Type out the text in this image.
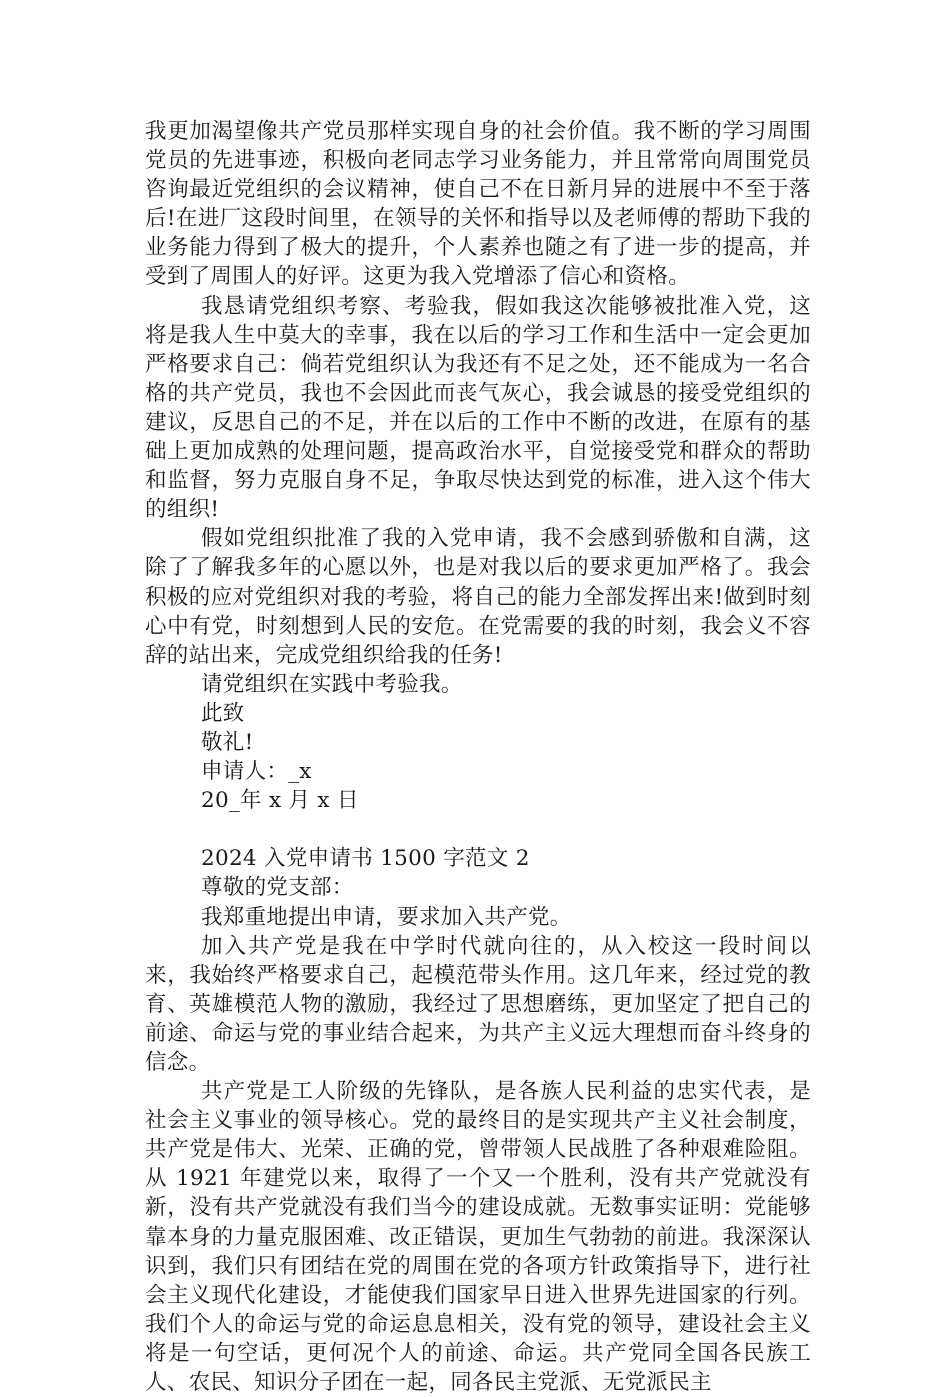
我更加渴望像共产党员那样实现自身的社会价值。我不断的学习周围党员的先进事迹，积极向老同志学习业务能力，并且常常向周围党员咨询最近党组织的会议精神，使自己不在日新月异的进展中不至于落后!在进厂这段时间里，在领导的关怀和指导以及老师傅的帮助下我的业务能力得到了极大的提升，个人素养也随之有了进一步的提高，并受到了周围人的好评。这更为我入党增添了信心和资格。

我恳请党组织考察、考验我，假如我这次能够被批准入党，这将是我人生中莫大的幸事，我在以后的学习工作和生活中一定会更加严格要求自己：倘若党组织认为我还有不足之处，还不能成为一名合格的共产党员，我也不会因此而丧气灰心，我会诚恳的接受党组织的建议，反思自己的不足，并在以后的工作中不断的改进，在原有的基础上更加成熟的处理问题，提高政治水平，自觉接受党和群众的帮助和监督，努力克服自身不足，争取尽快达到党的标准，进入这个伟大的组织!

假如党组织批准了我的入党申请，我不会感到骄傲和自满，这除了了解我多年的心愿以外，也是对我以后的要求更加严格了。我会积极的应对党组织对我的考验，将自己的能力全部发挥出来!做到时刻心中有党，时刻想到人民的安危。在党需要的我的时刻，我会义不容辞的站出来，完成党组织给我的任务!

请党组织在实践中考验我。

此致

敬礼!

申请人：_x

20_年 x 月 x 日

2024 入党申请书 1500 字范文 2

尊敬的党支部：

我郑重地提出申请，要求加入共产党。

加入共产党是我在中学时代就向往的，从入校这一段时间以来，我始终严格要求自己，起模范带头作用。这几年来，经过党的教育、英雄模范人物的激励，我经过了思想磨练，更加坚定了把自己的前途、命运与党的事业结合起来，为共产主义远大理想而奋斗终身的信念。

共产党是工人阶级的先锋队，是各族人民利益的忠实代表，是社会主义事业的领导核心。党的最终目的是实现共产主义社会制度，共产党是伟大、光荣、正确的党，曾带领人民战胜了各种艰难险阻。从 1921 年建党以来，取得了一个又一个胜利，没有共产党就没有新，没有共产党就没有我们当今的建设成就。无数事实证明：党能够靠本身的力量克服困难、改正错误，更加生气勃勃的前进。我深深认识到，我们只有团结在党的周围在党的各项方针政策指导下，进行社会主义现代化建设，才能使我们国家早日进入世界先进国家的行列。我们个人的命运与党的命运息息相关，没有党的领导，建设社会主义将是一句空话，更何况个人的前途、命运。共产党同全国各民族工人、农民、知识分子团在一起，同各民主党派、无党派民主
